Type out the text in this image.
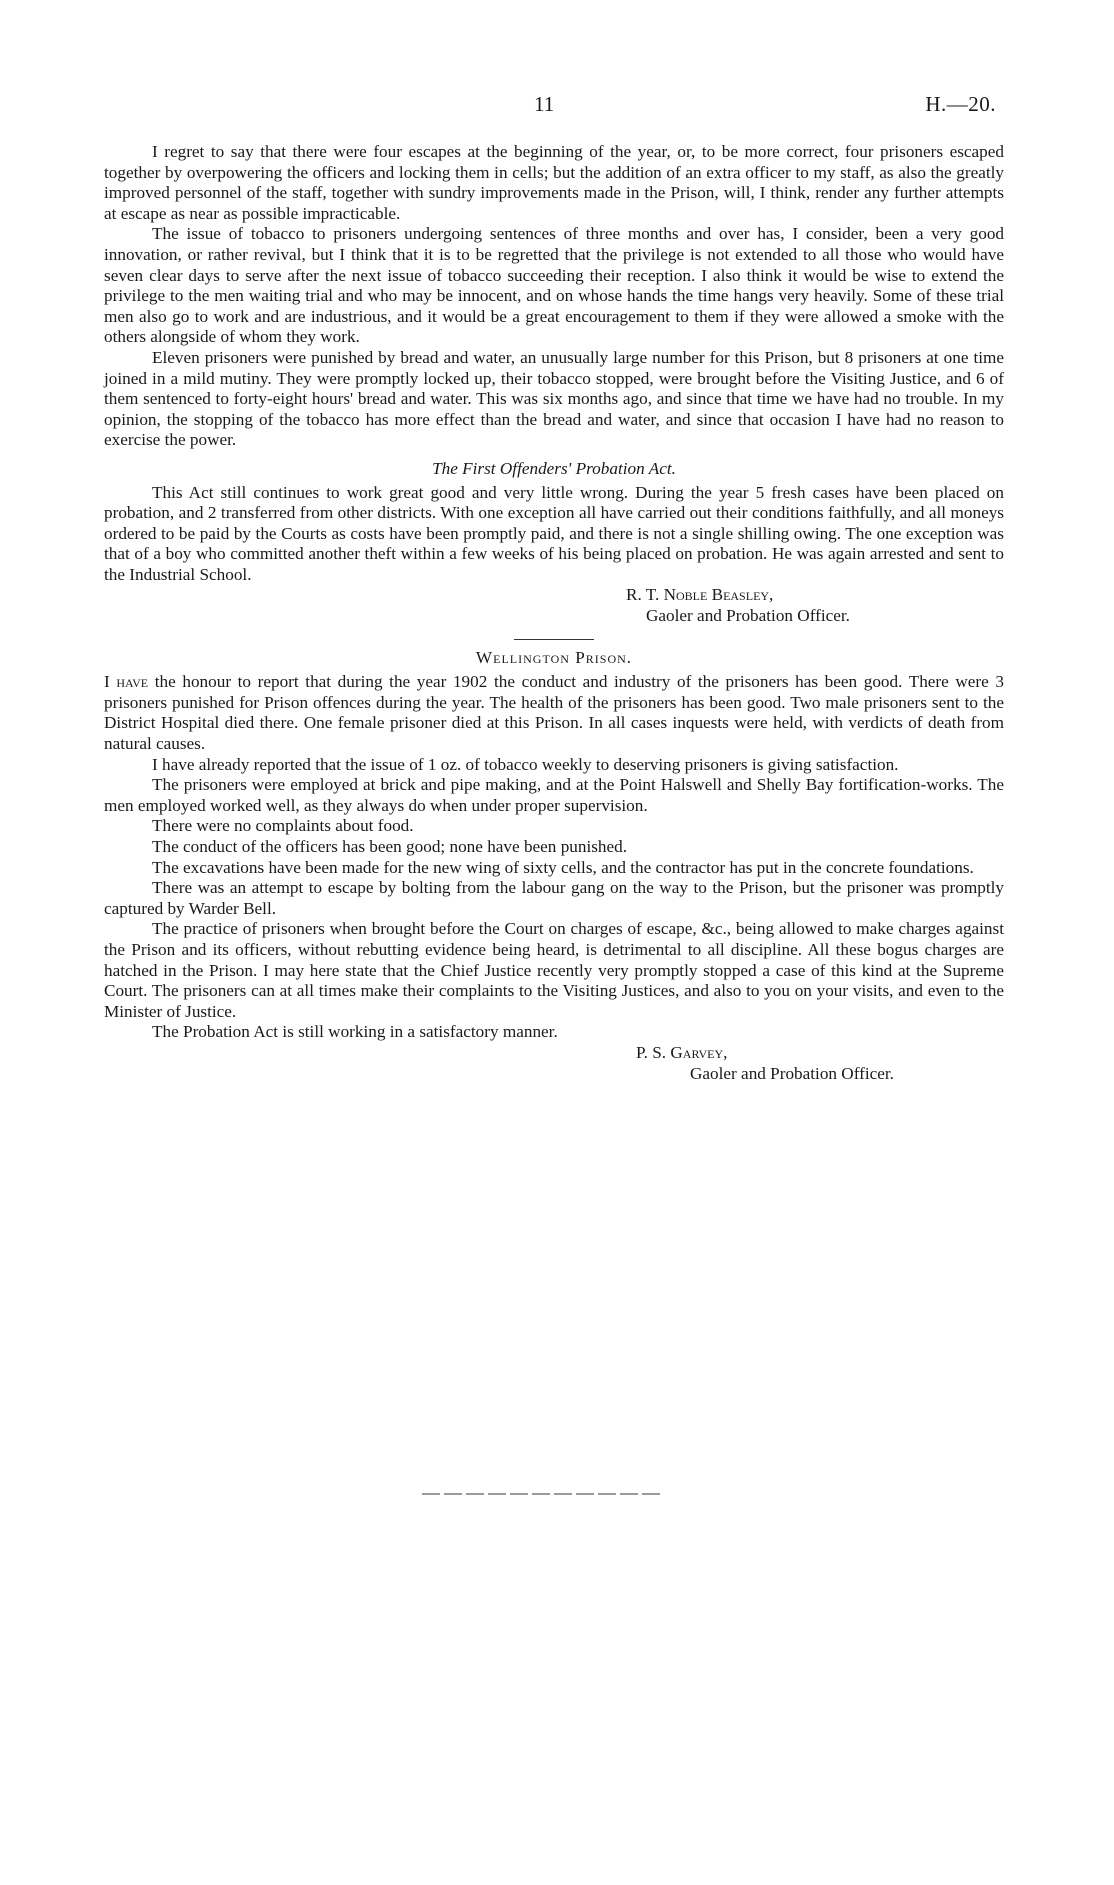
11	H.—20.

I regret to say that there were four escapes at the beginning of the year, or, to be more correct, four prisoners escaped together by overpowering the officers and locking them in cells; but the addition of an extra officer to my staff, as also the greatly improved personnel of the staff, together with sundry improvements made in the Prison, will, I think, render any further attempts at escape as near as possible impracticable.

The issue of tobacco to prisoners undergoing sentences of three months and over has, I consider, been a very good innovation, or rather revival, but I think that it is to be regretted that the privilege is not extended to all those who would have seven clear days to serve after the next issue of tobacco succeeding their reception. I also think it would be wise to extend the privilege to the men waiting trial and who may be innocent, and on whose hands the time hangs very heavily. Some of these trial men also go to work and are industrious, and it would be a great encouragement to them if they were allowed a smoke with the others alongside of whom they work.

Eleven prisoners were punished by bread and water, an unusually large number for this Prison, but 8 prisoners at one time joined in a mild mutiny. They were promptly locked up, their tobacco stopped, were brought before the Visiting Justice, and 6 of them sentenced to forty-eight hours' bread and water. This was six months ago, and since that time we have had no trouble. In my opinion, the stopping of the tobacco has more effect than the bread and water, and since that occasion I have had no reason to exercise the power.

The First Offenders' Probation Act.

This Act still continues to work great good and very little wrong. During the year 5 fresh cases have been placed on probation, and 2 transferred from other districts. With one exception all have carried out their conditions faithfully, and all moneys ordered to be paid by the Courts as costs have been promptly paid, and there is not a single shilling owing. The one exception was that of a boy who committed another theft within a few weeks of his being placed on probation. He was again arrested and sent to the Industrial School.

R. T. Noble Beasley,
Gaoler and Probation Officer.
Wellington Prison.

I have the honour to report that during the year 1902 the conduct and industry of the prisoners has been good. There were 3 prisoners punished for Prison offences during the year. The health of the prisoners has been good. Two male prisoners sent to the District Hospital died there. One female prisoner died at this Prison. In all cases inquests were held, with verdicts of death from natural causes.

I have already reported that the issue of 1 oz. of tobacco weekly to deserving prisoners is giving satisfaction.

The prisoners were employed at brick and pipe making, and at the Point Halswell and Shelly Bay fortification-works. The men employed worked well, as they always do when under proper supervision.

There were no complaints about food.

The conduct of the officers has been good; none have been punished.

The excavations have been made for the new wing of sixty cells, and the contractor has put in the concrete foundations.

There was an attempt to escape by bolting from the labour gang on the way to the Prison, but the prisoner was promptly captured by Warder Bell.

The practice of prisoners when brought before the Court on charges of escape, &c., being allowed to make charges against the Prison and its officers, without rebutting evidence being heard, is detrimental to all discipline. All these bogus charges are hatched in the Prison. I may here state that the Chief Justice recently very promptly stopped a case of this kind at the Supreme Court. The prisoners can at all times make their complaints to the Visiting Justices, and also to you on your visits, and even to the Minister of Justice.

The Probation Act is still working in a satisfactory manner.

P. S. Garvey,
Gaoler and Probation Officer.
